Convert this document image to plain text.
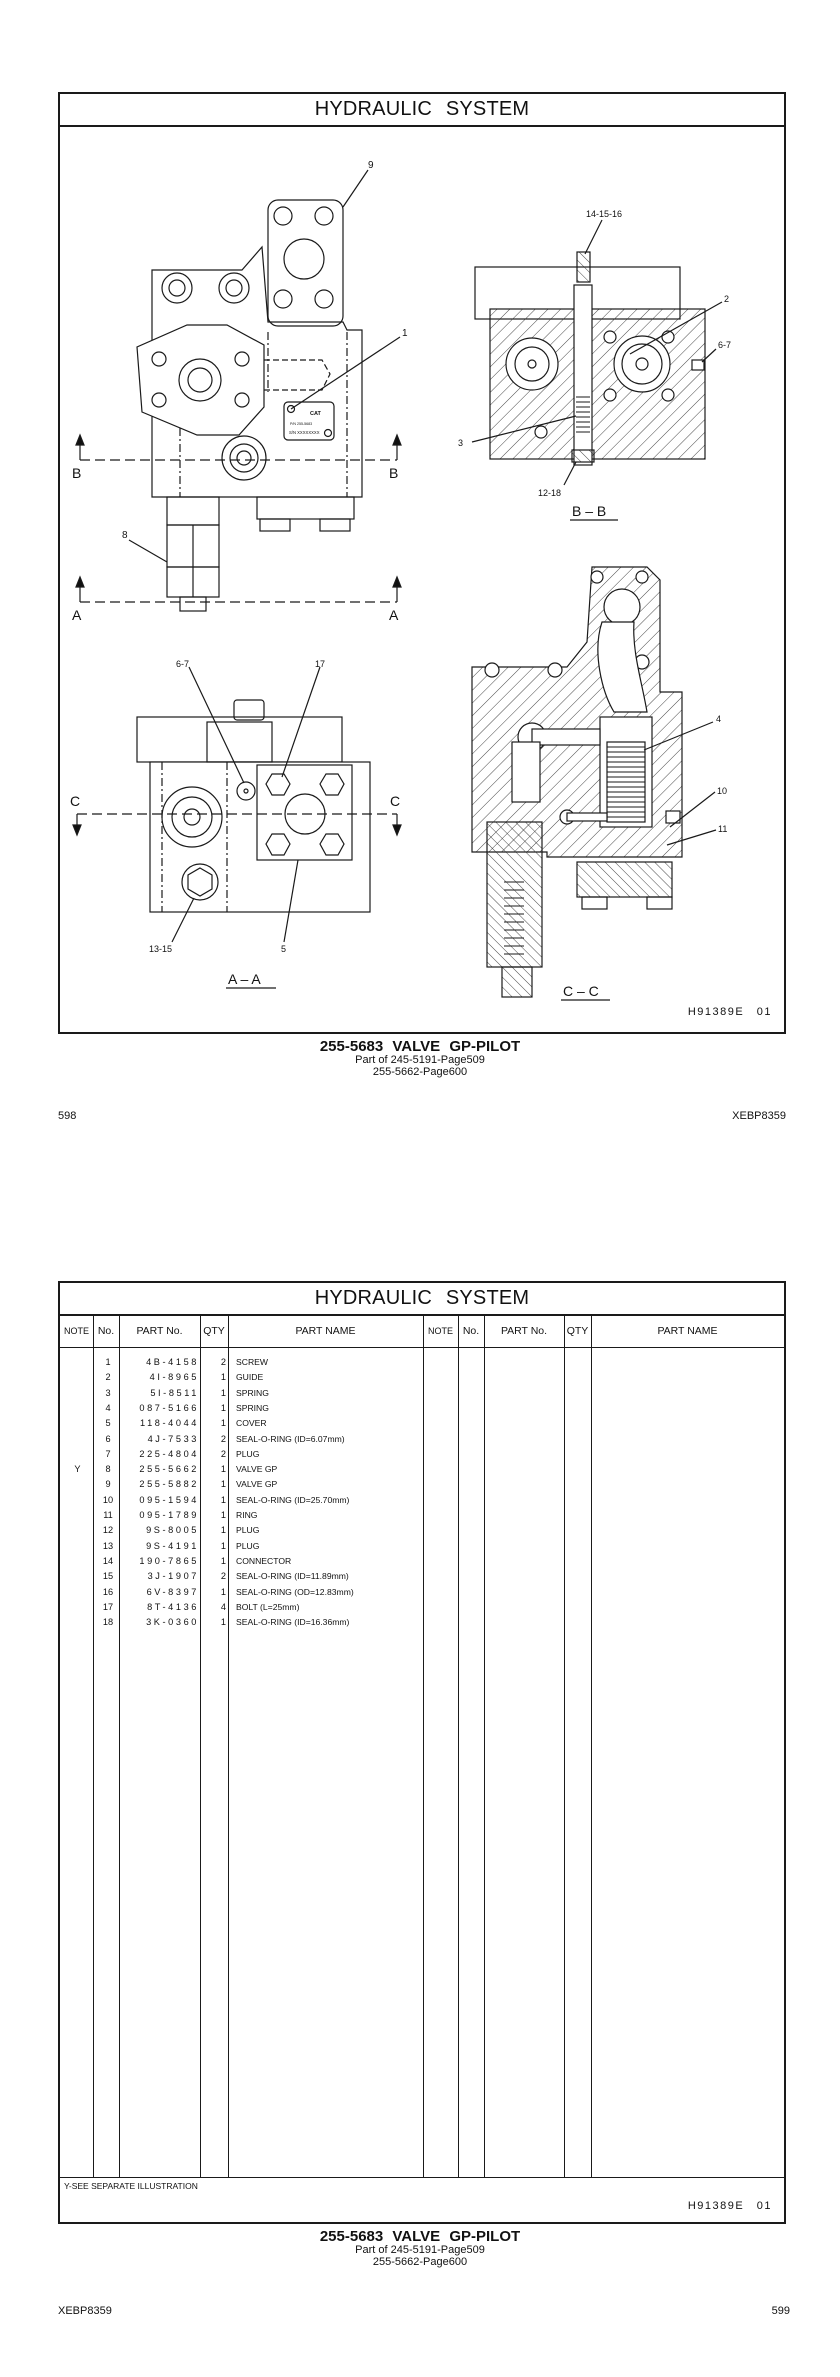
HYDRAULIC SYSTEM
CAT
P/N 255-5683
S/N XXXXXXXX
9
1
8
B	B
A	A
14-15-16
2
6-7
3
12-18
B – B
6-7	17
13-15	5
C	C
A – A
4
10
11
C – C
H91389E 01
255-5683 VALVE GP-PILOT
Part of 245-5191-Page509
255-5662-Page600
598	XEBP8359
HYDRAULIC SYSTEM
NOTE No.	PART No.	QTY	PART NAME	NOTE No.	PART No.	QTY	PART NAME
1	4B-4158	2 SCREW
2	4I-8965	1 GUIDE
3	5I-8511	1 SPRING
4	087-5166	1 SPRING
5	118-4044	1 COVER
6	4J-7533	2 SEAL-O-RING (ID=6.07mm)
7	225-4804	2 PLUG
Y	8	255-5662	1 VALVE GP
9	255-5882	1 VALVE GP
10	095-1594	1 SEAL-O-RING (ID=25.70mm)
11	095-1789	1 RING
12	9S-8005	1 PLUG
13	9S-4191	1 PLUG
14	190-7865	1 CONNECTOR
15	3J-1907	2 SEAL-O-RING (ID=11.89mm)
16	6V-8397	1 SEAL-O-RING (OD=12.83mm)
17	8T-4136	4 BOLT (L=25mm)
18	3K-0360	1 SEAL-O-RING (ID=16.36mm)
Y-SEE SEPARATE ILLUSTRATION
H91389E 01
255-5683 VALVE GP-PILOT
Part of 245-5191-Page509
255-5662-Page600
XEBP8359	599
